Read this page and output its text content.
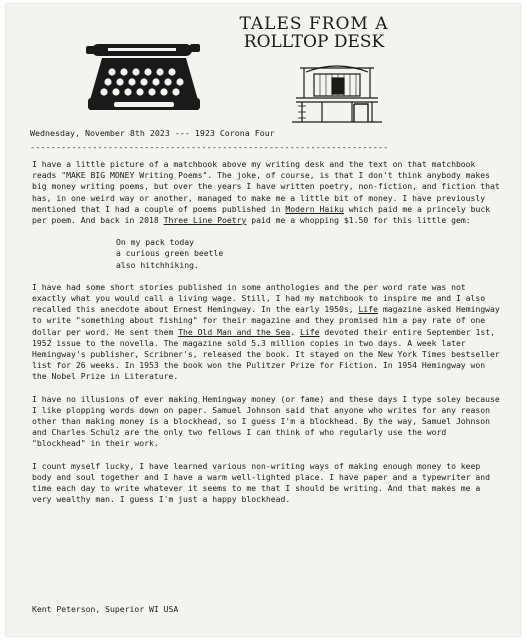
TALES FROM A
ROLLTOP DESK
Wednesday, November 8th 2023 --- 1923 Corona Four
---------------------------------------------------------------------

I have a little picture of a matchbook above my writing desk and the text on that matchbook reads "MAKE BIG MONEY Writing Poems". The joke, of course, is that I don't think anybody makes big money writing poems, but over the years I have written poetry, non-fiction, and fiction that has, in one weird way or another, managed to make me a little bit of money. I have previously mentioned that I had a couple of poems published in Modern Haiku which paid me a princely buck per poem. And back in 2018 Three Line Poetry paid me a whopping $1.50 for this little gem:

On my pack today
a curious green beetle
also hitchhiking.

I have had some short stories published in some anthologies and the per word rate was not exactly what you would call a living wage. Still, I had my matchbook to inspire me and I also recalled this anecdote about Ernest Hemingway. In the early 1950s, Life magazine asked Hemingway to write "something about fishing" for their magazine and they promised him a pay rate of one dollar per word. He sent them The Old Man and the Sea. Life devoted their entire September 1st, 1952 issue to the novella. The magazine sold 5.3 million copies in two days. A week later Hemingway's publisher, Scribner's, released the book. It stayed on the New York Times bestseller list for 26 weeks. In 1953 the book won the Pulitzer Prize for Fiction. In 1954 Hemingway won the Nobel Prize in Literature.

I have no illusions of ever making Hemingway money (or fame) and these days I type soley because I like plopping words down on paper. Samuel Johnson said that anyone who writes for any reason other than making money is a blockhead, so I guess I'm a blockhead. By the way, Samuel Johnson and Charles Schulz are the only two fellows I can think of who regularly use the word "blockhead" in their work.

I count myself lucky, I have learned various non-writing ways of making enough money to keep body and soul together and I have a warm well-lighted place. I have paper and a typewriter and time each day to write whatever it seems to me that I should be writing. And that makes me a very wealthy man. I guess I'm just a happy blockhead.

Kent Peterson, Superior WI USA
